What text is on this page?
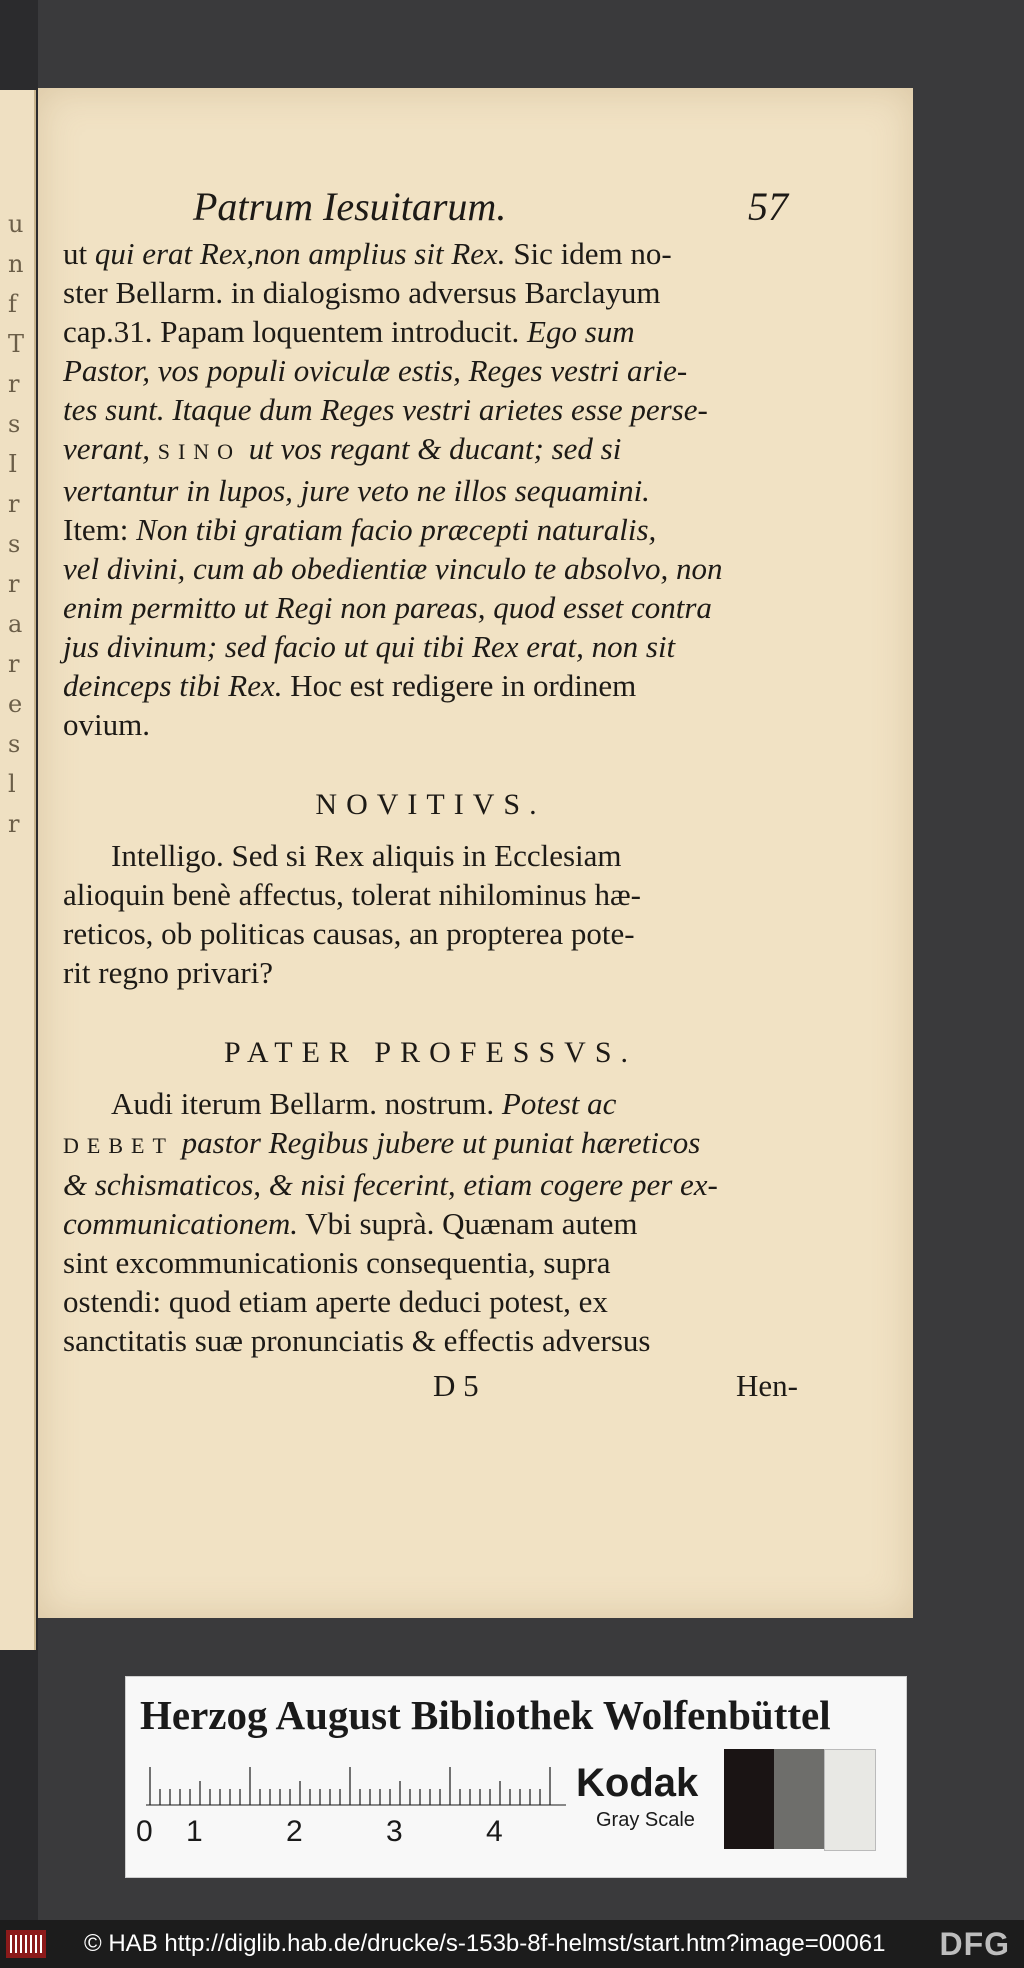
u
n
f
T
r
s
I
r
s
r
a
r
e
s
l
r
Patrum Iesuitarum.	57
ut qui erat Rex,non amplius sit Rex. Sic idem no-
ster Bellarm. in dialogismo adversus Barclayum
cap.31. Papam loquentem introducit. Ego sum
Pastor, vos populi oviculæ estis, Reges vestri arie-
tes sunt. Itaque dum Reges vestri arietes esse perse-
verant, SINO ut vos regant & ducant; sed si
vertantur in lupos, jure veto ne illos sequamini.
Item: Non tibi gratiam facio præcepti naturalis,
vel divini, cum ab obedientiæ vinculo te absolvo, non
enim permitto ut Regi non pareas, quod esset contra
jus divinum; sed facio ut qui tibi Rex erat, non sit
deinceps tibi Rex. Hoc est redigere in ordinem
ovium.
NOVITIVS.
Intelligo. Sed si Rex aliquis in Ecclesiam
alioquin benè affectus, tolerat nihilominus hæ-
reticos, ob politicas causas, an propterea pote-
rit regno privari?
PATER PROFESSVS.
Audi iterum Bellarm. nostrum. Potest ac
DEBET pastor Regibus jubere ut puniat hæreticos
& schismaticos, & nisi fecerint, etiam cogere per ex-
communicationem. Vbi suprà. Quænam autem
sint excommunicationis consequentia, supra
ostendi: quod etiam aperte deduci potest, ex
sanctitatis suæ pronunciatis & effectis adversus
D 5	Hen-
Herzog August Bibliothek Wolfenbüttel
0 1	2	3	4
Kodak
Gray Scale
© HAB http://diglib.hab.de/drucke/s-153b-8f-helmst/start.htm?image=00061 DFG
